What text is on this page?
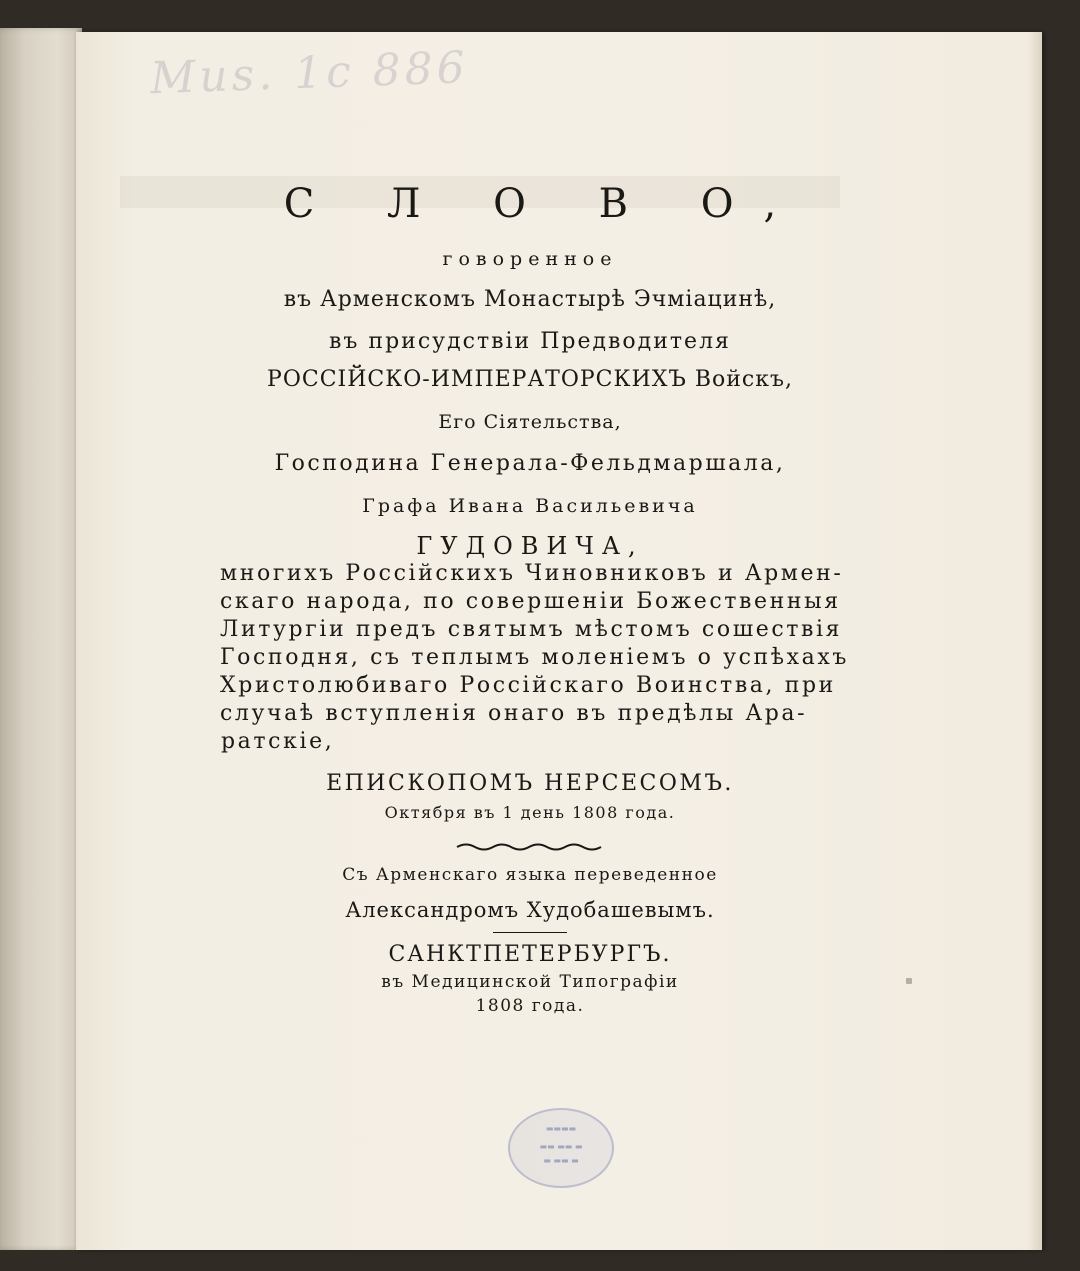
Mus. 1c 886
С Л О В О,
говоренное
въ Арменскомъ Монастырѣ Эчміацинѣ,
въ присудствіи Предводителя
РОССІЙСКО-ИМПЕРАТОРСКИХЪ Войскъ,
Его Сіятельства,
Господина Генерала-Фельдмаршала,
Графа Ивана Васильевича
ГУДОВИЧА,
многихъ Россійскихъ Чиновниковъ и Армен-
скаго народа, по совершеніи Божественныя
Литургіи предъ святымъ мѣстомъ сошествія
Господня, съ теплымъ моленіемъ о успѣхахъ
Христолюбиваго Россійскаго Воинства, при
случаѣ вступленія онаго въ предѣлы Ара-
ратскіе,
ЕПИСКОПОМЪ НЕРСЕСОМЪ.
Октября въ 1 день 1808 года.
Съ Арменскаго языка переведенное
Александромъ Худобашевымъ.
САНКТПЕТЕРБУРГЪ.
въ Медицинской Типографіи
1808 года.
▬▬▬▬
▬▬ ▬▬ ▬
▬ ▬▬ ▬
